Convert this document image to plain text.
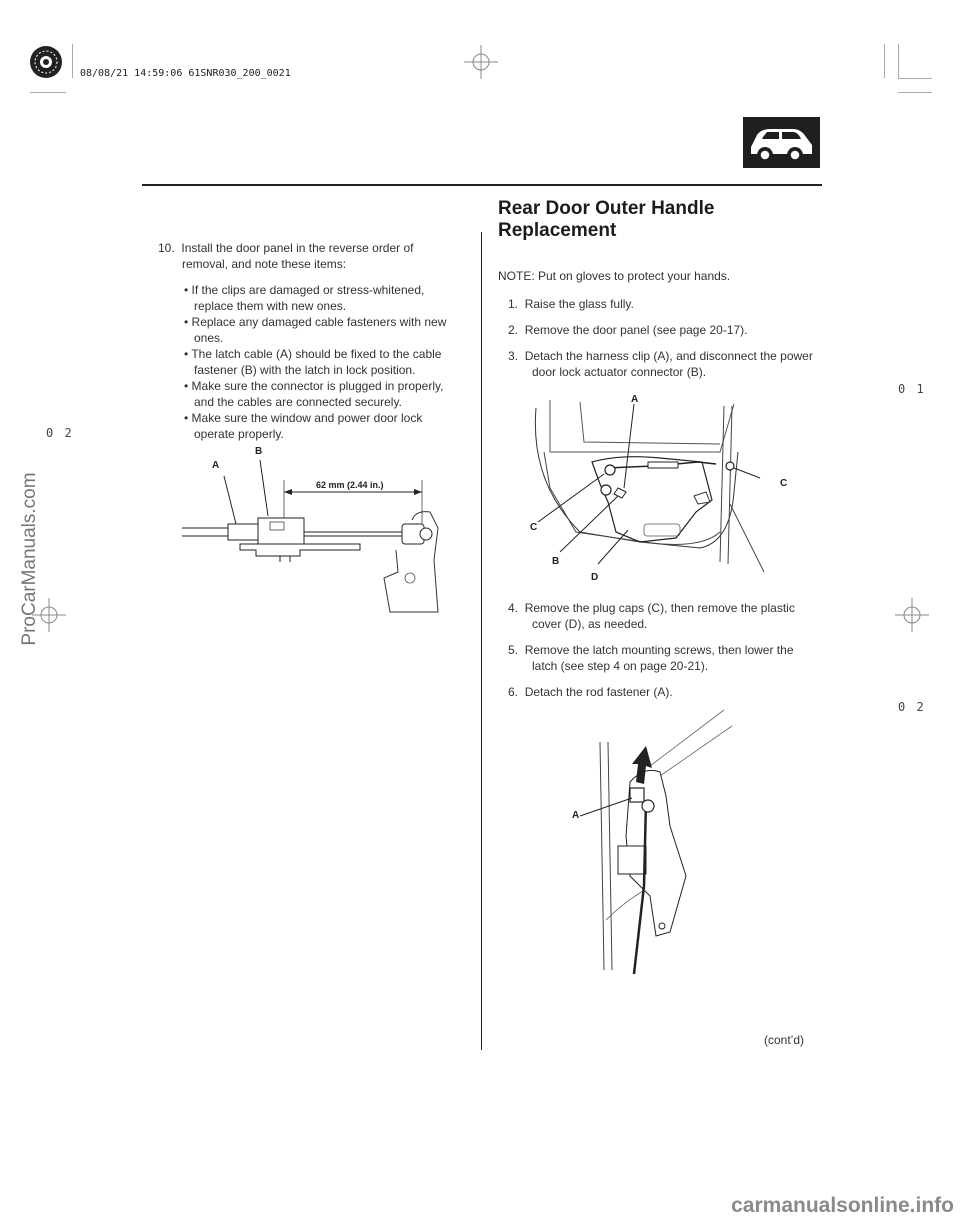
08/08/21 14:59:06 61SNR030_200_0021
Rear Door Outer Handle
Replacement
10. Install the door panel in the reverse order of removal, and note these items:
• If the clips are damaged or stress-whitened, replace them with new ones.
• Replace any damaged cable fasteners with new ones.
• The latch cable (A) should be fixed to the cable fastener (B) with the latch in lock position.
• Make sure the connector is plugged in properly, and the cables are connected securely.
• Make sure the window and power door lock operate properly.
A
B
62 mm (2.44 in.)
NOTE: Put on gloves to protect your hands.
1. Raise the glass fully.
2. Remove the door panel (see page 20-17).
3. Detach the harness clip (A), and disconnect the power door lock actuator connector (B).
A
C
C
B
D
4. Remove the plug caps (C), then remove the plastic cover (D), as needed.
5. Remove the latch mounting screws, then lower the latch (see step 4 on page 20-21).
6. Detach the rod fastener (A).
A
(cont’d)
0 2
0 1
0 2
ProCarManuals.com
carmanualsonline.info
